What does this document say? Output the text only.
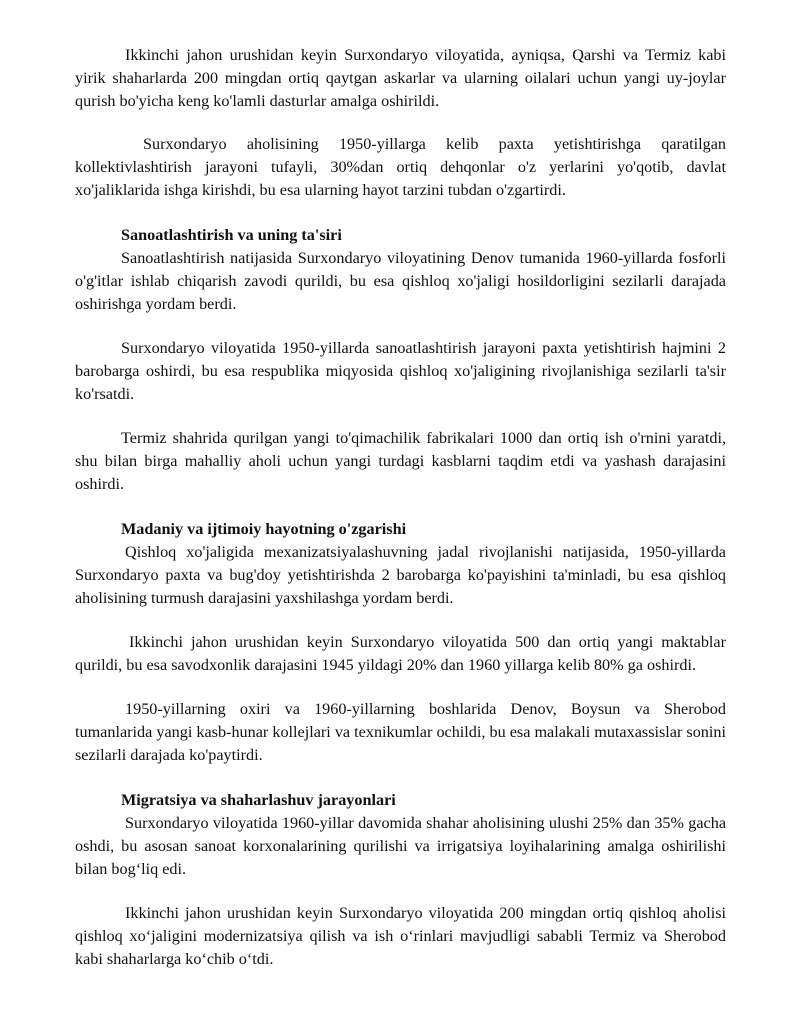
Ikkinchi jahon urushidan keyin Surxondaryo viloyatida, ayniqsa, Qarshi va Termiz kabi yirik shaharlarda 200 mingdan ortiq qaytgan askarlar va ularning oilalari uchun yangi uy-joylar qurish bo'yicha keng ko'lamli dasturlar amalga oshirildi.

Surxondaryo aholisining 1950-yillarga kelib paxta yetishtirishga qaratilgan kollektivlashtirish jarayoni tufayli, 30%dan ortiq dehqonlar o'z yerlarini yo'qotib, davlat xo'jaliklarida ishga kirishdi, bu esa ularning hayot tarzini tubdan o'zgartirdi.

Sanoatlashtirish va uning ta'siri

Sanoatlashtirish natijasida Surxondaryo viloyatining Denov tumanida 1960-yillarda fosforli o'g'itlar ishlab chiqarish zavodi qurildi, bu esa qishloq xo'jaligi hosildorligini sezilarli darajada oshirishga yordam berdi.

Surxondaryo viloyatida 1950-yillarda sanoatlashtirish jarayoni paxta yetishtirish hajmini 2 barobarga oshirdi, bu esa respublika miqyosida qishloq xo'jaligining rivojlanishiga sezilarli ta'sir ko'rsatdi.

Termiz shahrida qurilgan yangi to'qimachilik fabrikalari 1000 dan ortiq ish o'rnini yaratdi, shu bilan birga mahalliy aholi uchun yangi turdagi kasblarni taqdim etdi va yashash darajasini oshirdi.

Madaniy va ijtimoiy hayotning o'zgarishi

Qishloq xo'jaligida mexanizatsiyalashuvning jadal rivojlanishi natijasida, 1950-yillarda Surxondaryo paxta va bug'doy yetishtirishda 2 barobarga ko'payishini ta'minladi, bu esa qishloq aholisining turmush darajasini yaxshilashga yordam berdi.

Ikkinchi jahon urushidan keyin Surxondaryo viloyatida 500 dan ortiq yangi maktablar qurildi, bu esa savodxonlik darajasini 1945 yildagi 20% dan 1960 yillarga kelib 80% ga oshirdi.

1950-yillarning oxiri va 1960-yillarning boshlarida Denov, Boysun va Sherobod tumanlarida yangi kasb-hunar kollejlari va texnikumlar ochildi, bu esa malakali mutaxassislar sonini sezilarli darajada ko'paytirdi.

Migratsiya va shaharlashuv jarayonlari

Surxondaryo viloyatida 1960-yillar davomida shahar aholisining ulushi 25% dan 35% gacha oshdi, bu asosan sanoat korxonalarining qurilishi va irrigatsiya loyihalarining amalga oshirilishi bilan bog‘liq edi.

Ikkinchi jahon urushidan keyin Surxondaryo viloyatida 200 mingdan ortiq qishloq aholisi qishloq xo‘jaligini modernizatsiya qilish va ish o‘rinlari mavjudligi sababli Termiz va Sherobod kabi shaharlarga ko‘chib o‘tdi.
